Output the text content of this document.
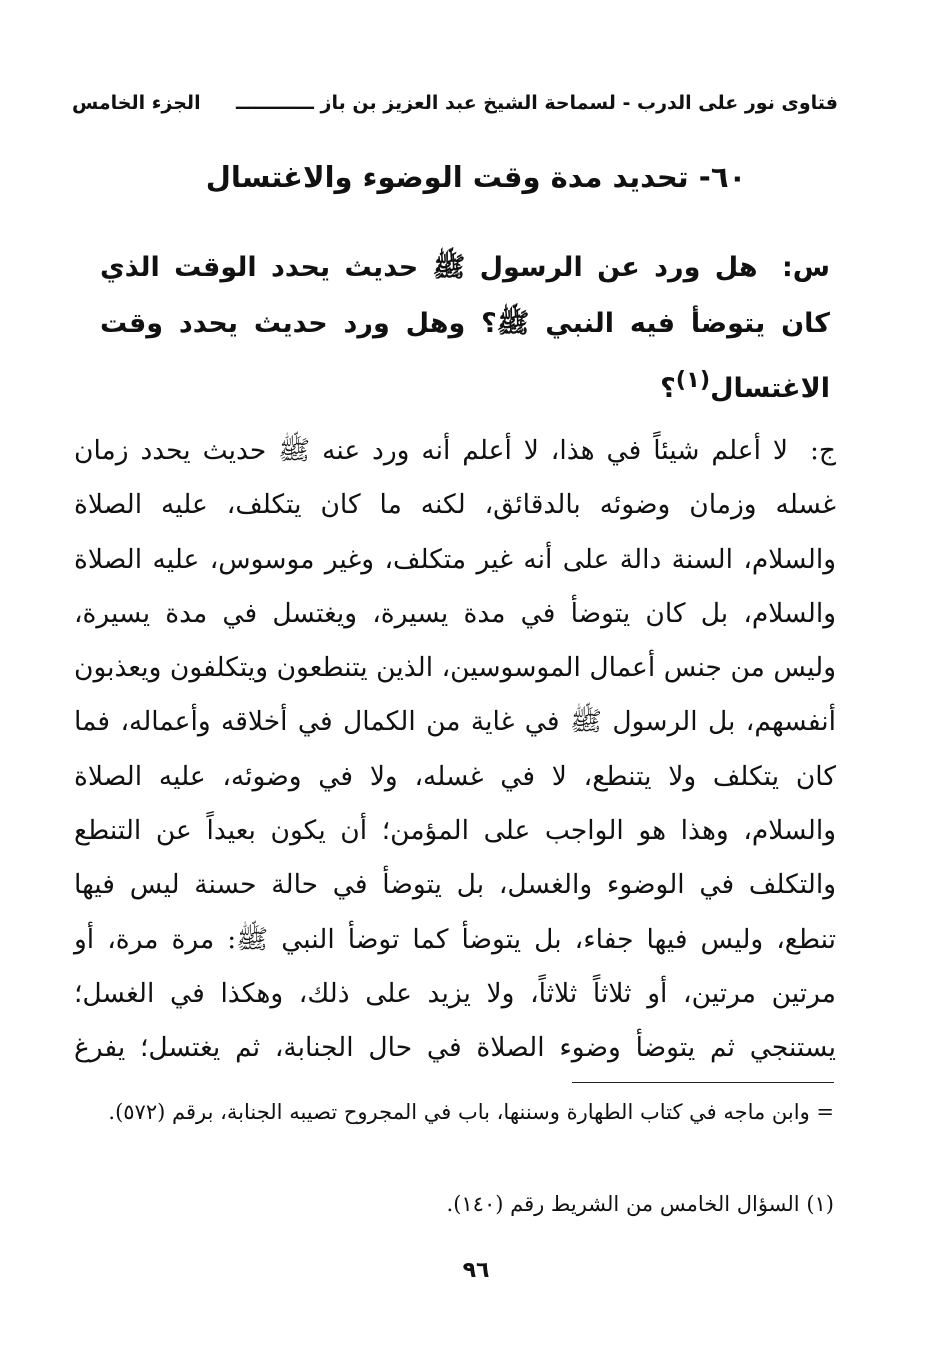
فتاوى نور على الدرب - لسماحة الشيخ عبد العزيز بن باز ــــــــــــ
الجزء الخامس
٦٠- تحديد مدة وقت الوضوء والاغتسال
س: هل ورد عن الرسول ﷺ حديث يحدد الوقت الذي كان يتوضأ فيه النبي ﷺ؟ وهل ورد حديث يحدد وقت الاغتسال$^{(١)}$؟
ج: لا أعلم شيئاً في هذا، لا أعلم أنه ورد عنه ﷺ حديث يحدد زمان غسله وزمان وضوئه بالدقائق، لكنه ما كان يتكلف، عليه الصلاة والسلام، السنة دالة على أنه غير متكلف، وغير موسوس، عليه الصلاة والسلام، بل كان يتوضأ في مدة يسيرة، ويغتسل في مدة يسيرة، وليس من جنس أعمال الموسوسين، الذين يتنطعون ويتكلفون ويعذبون أنفسهم، بل الرسول ﷺ في غاية من الكمال في أخلاقه وأعماله، فما كان يتكلف ولا يتنطع، لا في غسله، ولا في وضوئه، عليه الصلاة والسلام، وهذا هو الواجب على المؤمن؛ أن يكون بعيداً عن التنطع والتكلف في الوضوء والغسل، بل يتوضأ في حالة حسنة ليس فيها تنطع، وليس فيها جفاء، بل يتوضأ كما توضأ النبي ﷺ: مرة مرة، أو مرتين مرتين، أو ثلاثاً ثلاثاً، ولا يزيد على ذلك، وهكذا في الغسل؛ يستنجي ثم يتوضأ وضوء الصلاة في حال الجنابة، ثم يغتسل؛ يفرغ
= وابن ماجه في كتاب الطهارة وسننها، باب في المجروح تصيبه الجنابة، برقم (٥٧٢).
(١) السؤال الخامس من الشريط رقم (١٤٠).
٩٦
